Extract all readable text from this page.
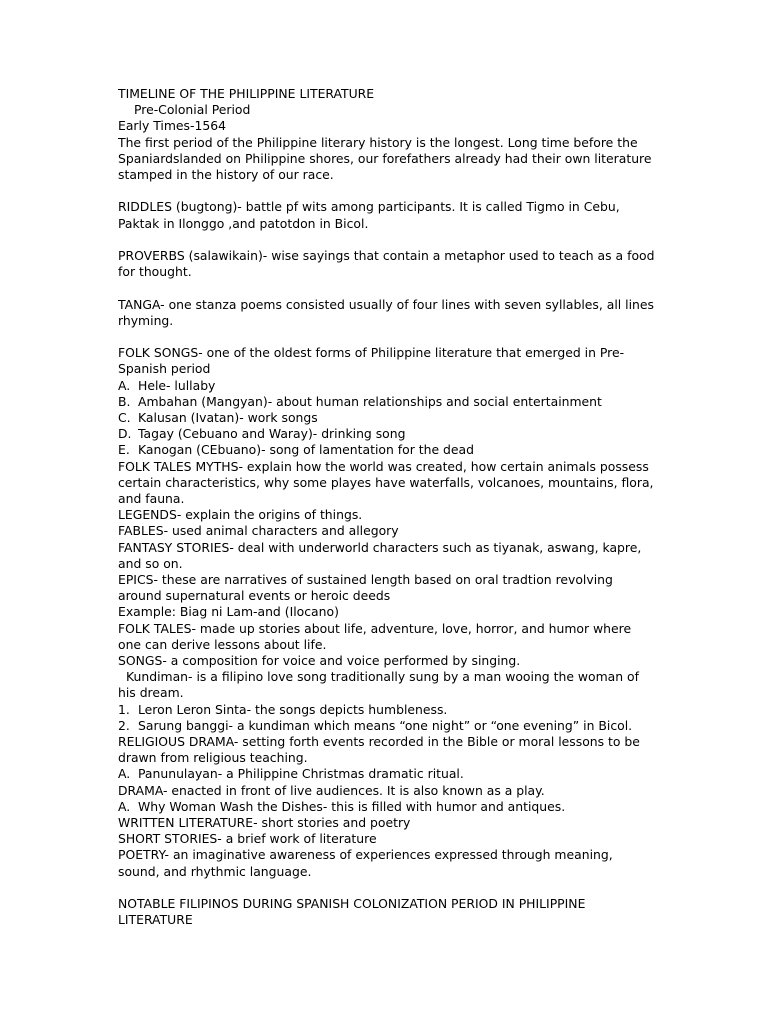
TIMELINE OF THE PHILIPPINE LITERATURE
Pre-Colonial Period
Early Times-1564
The first period of the Philippine literary history is the longest. Long time before the Spaniardslanded on Philippine shores, our forefathers already had their own literature stamped in the history of our race.
RIDDLES (bugtong)- battle pf wits among participants. It is called Tigmo in Cebu, Paktak in Ilonggo ,and patotdon in Bicol.
PROVERBS (salawikain)- wise sayings that contain a metaphor used to teach as a food for thought.
TANGA- one stanza poems consisted usually of four lines with seven syllables, all lines rhyming.
FOLK SONGS- one of the oldest forms of Philippine literature that emerged in Pre-Spanish period
A. Hele- lullaby
B. Ambahan (Mangyan)- about human relationships and social entertainment
C. Kalusan (Ivatan)- work songs
D. Tagay (Cebuano and Waray)- drinking song
E. Kanogan (CEbuano)- song of lamentation for the dead
FOLK TALES MYTHS- explain how the world was created, how certain animals possess certain characteristics, why some playes have waterfalls, volcanoes, mountains, flora, and fauna.
LEGENDS- explain the origins of things.
FABLES- used animal characters and allegory
FANTASY STORIES- deal with underworld characters such as tiyanak, aswang, kapre, and so on.
EPICS- these are narratives of sustained length based on oral tradtion revolving around supernatural events or heroic deeds
Example: Biag ni Lam-and (Ilocano)
FOLK TALES- made up stories about life, adventure, love, horror, and humor where one can derive lessons about life.
SONGS- a composition for voice and voice performed by singing.
Kundiman- is a filipino love song traditionally sung by a man wooing the woman of his dream.
1. Leron Leron Sinta- the songs depicts humbleness.
2. Sarung banggi- a kundiman which means “one night” or “one evening” in Bicol.
RELIGIOUS DRAMA- setting forth events recorded in the Bible or moral lessons to be drawn from religious teaching.
A. Panunulayan- a Philippine Christmas dramatic ritual.
DRAMA- enacted in front of live audiences. It is also known as a play.
A. Why Woman Wash the Dishes- this is filled with humor and antiques.
WRITTEN LITERATURE- short stories and poetry
SHORT STORIES- a brief work of literature
POETRY- an imaginative awareness of experiences expressed through meaning, sound, and rhythmic language.
NOTABLE FILIPINOS DURING SPANISH COLONIZATION PERIOD IN PHILIPPINE LITERATURE
